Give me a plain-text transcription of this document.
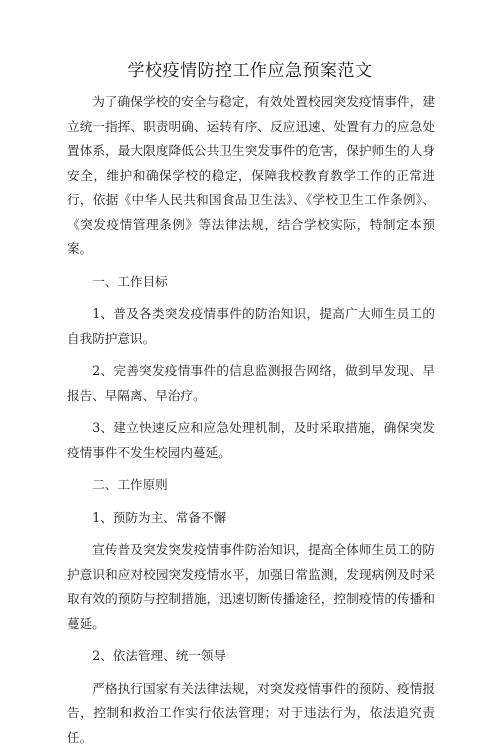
学校疫情防控工作应急预案范文

为了确保学校的安全与稳定，有效处置校园突发疫情事件，建立统一指挥、职责明确、运转有序、反应迅速、处置有力的应急处置体系，最大限度降低公共卫生突发事件的危害，保护师生的人身安全，维护和确保学校的稳定，保障我校教育教学工作的正常进行，依据《中华人民共和国食品卫生法》、《学校卫生工作条例》、《突发疫情管理条例》等法律法规，结合学校实际，特制定本预案。

一、工作目标

1、普及各类突发疫情事件的防治知识，提高广大师生员工的自我防护意识。

2、完善突发疫情事件的信息监测报告网络，做到早发现、早报告、早隔离、早治疗。

3、建立快速反应和应急处理机制，及时采取措施，确保突发疫情事件不发生校园内蔓延。

二、工作原则

1、预防为主、常备不懈

宣传普及突发突发疫情事件防治知识，提高全体师生员工的防护意识和应对校园突发疫情水平，加强日常监测，发现病例及时采取有效的预防与控制措施，迅速切断传播途径，控制疫情的传播和蔓延。

2、依法管理、统一领导

严格执行国家有关法律法规，对突发疫情事件的预防、疫情报告，控制和救治工作实行依法管理；对于违法行为，依法追究责任。
